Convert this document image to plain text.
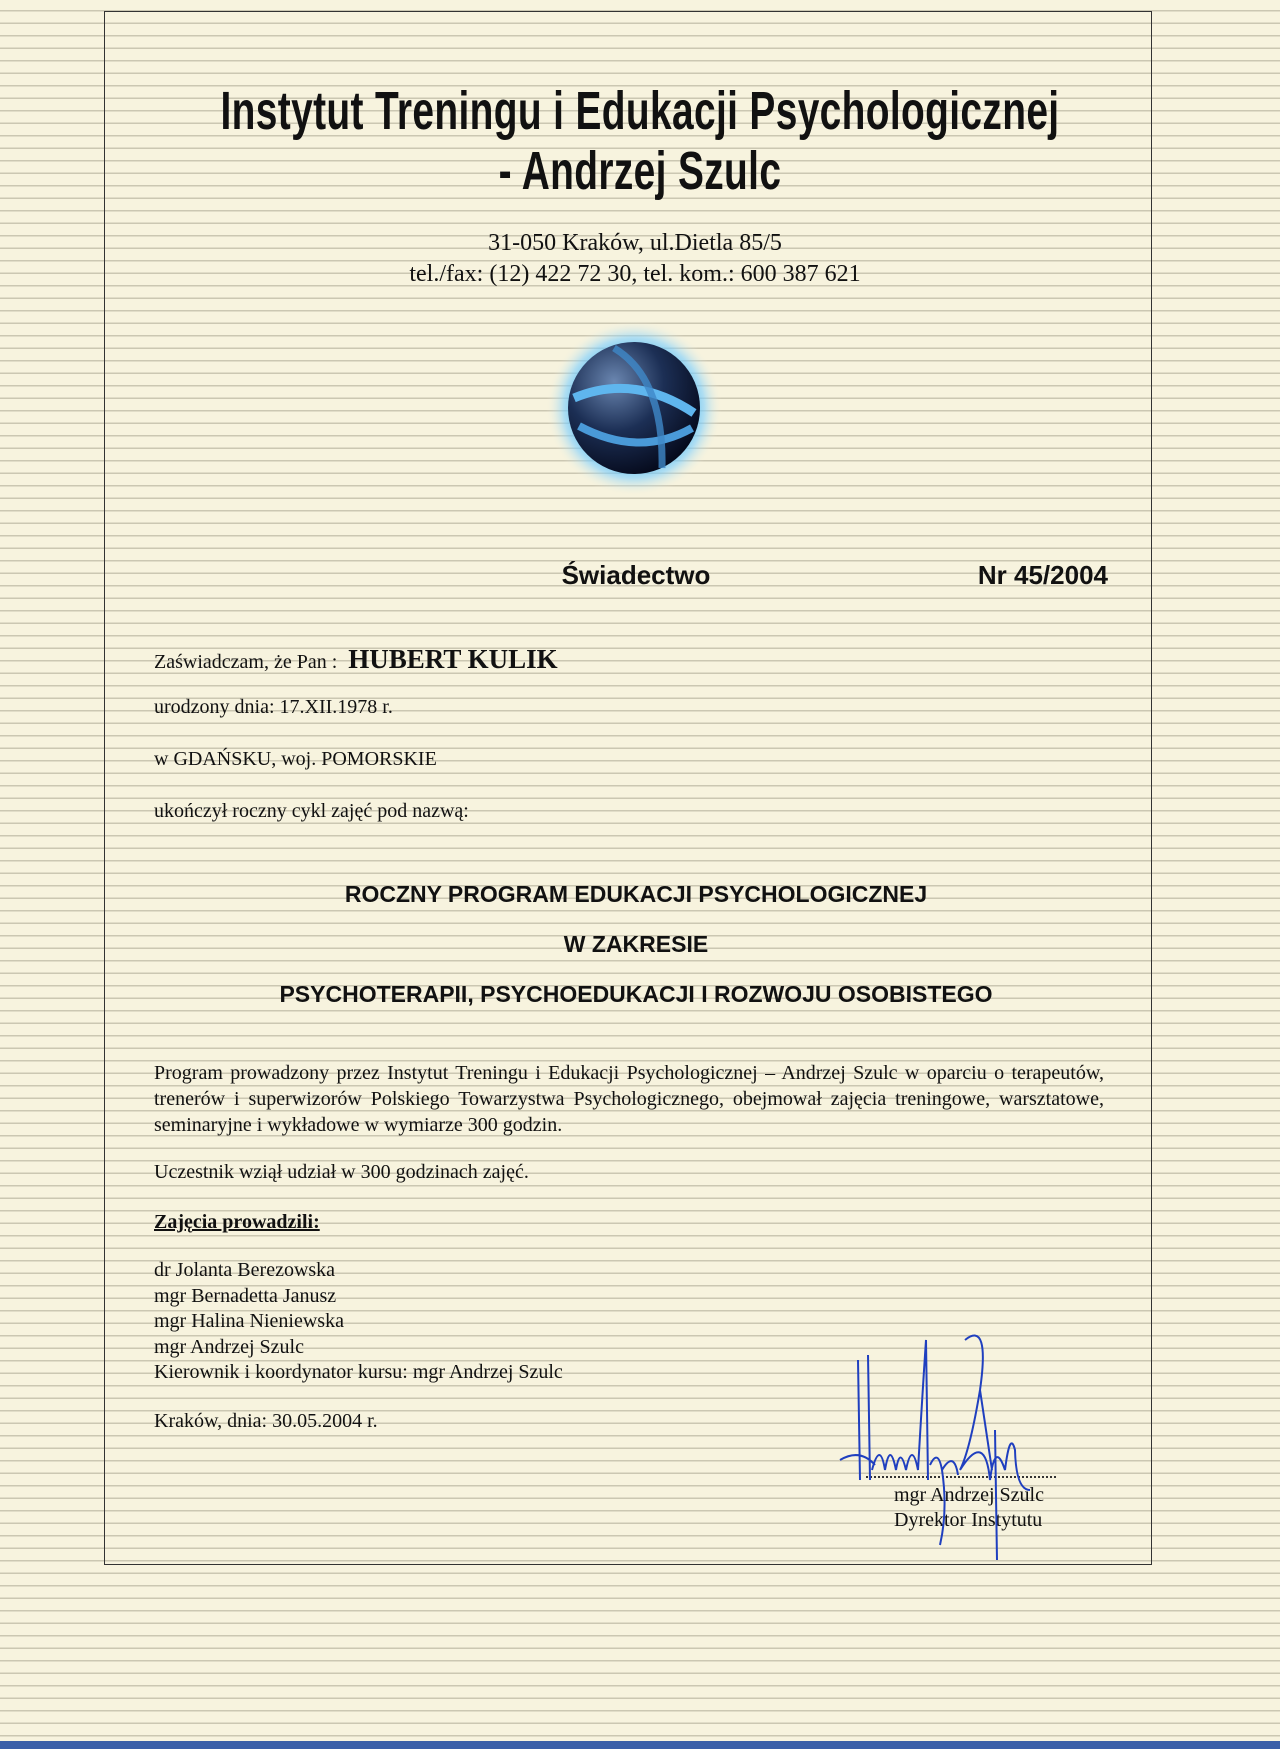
Instytut Treningu i Edukacji Psychologicznej
- Andrzej Szulc
31-050 Kraków, ul.Dietla 85/5
tel./fax: (12) 422 72 30, tel. kom.: 600 387 621
Świadectwo	Nr 45/2004
Zaświadczam, że Pan : HUBERT KULIK
urodzony dnia: 17.XII.1978 r.
w GDAŃSKU, woj. POMORSKIE
ukończył roczny cykl zajęć pod nazwą:
ROCZNY PROGRAM EDUKACJI PSYCHOLOGICZNEJ
W ZAKRESIE
PSYCHOTERAPII, PSYCHOEDUKACJI I ROZWOJU OSOBISTEGO
Program prowadzony przez Instytut Treningu i Edukacji Psychologicznej – Andrzej Szulc w oparciu o terapeutów, trenerów i superwizorów Polskiego Towarzystwa Psychologicznego, obejmował zajęcia treningowe, warsztatowe, seminaryjne i wykładowe w wymiarze 300 godzin.
Uczestnik wziął udział w 300 godzinach zajęć.
Zajęcia prowadzili:
dr Jolanta Berezowska
mgr Bernadetta Janusz
mgr Halina Nieniewska
mgr Andrzej Szulc
Kierownik i koordynator kursu: mgr Andrzej Szulc
Kraków, dnia: 30.05.2004 r.
mgr Andrzej Szulc
Dyrektor Instytutu
